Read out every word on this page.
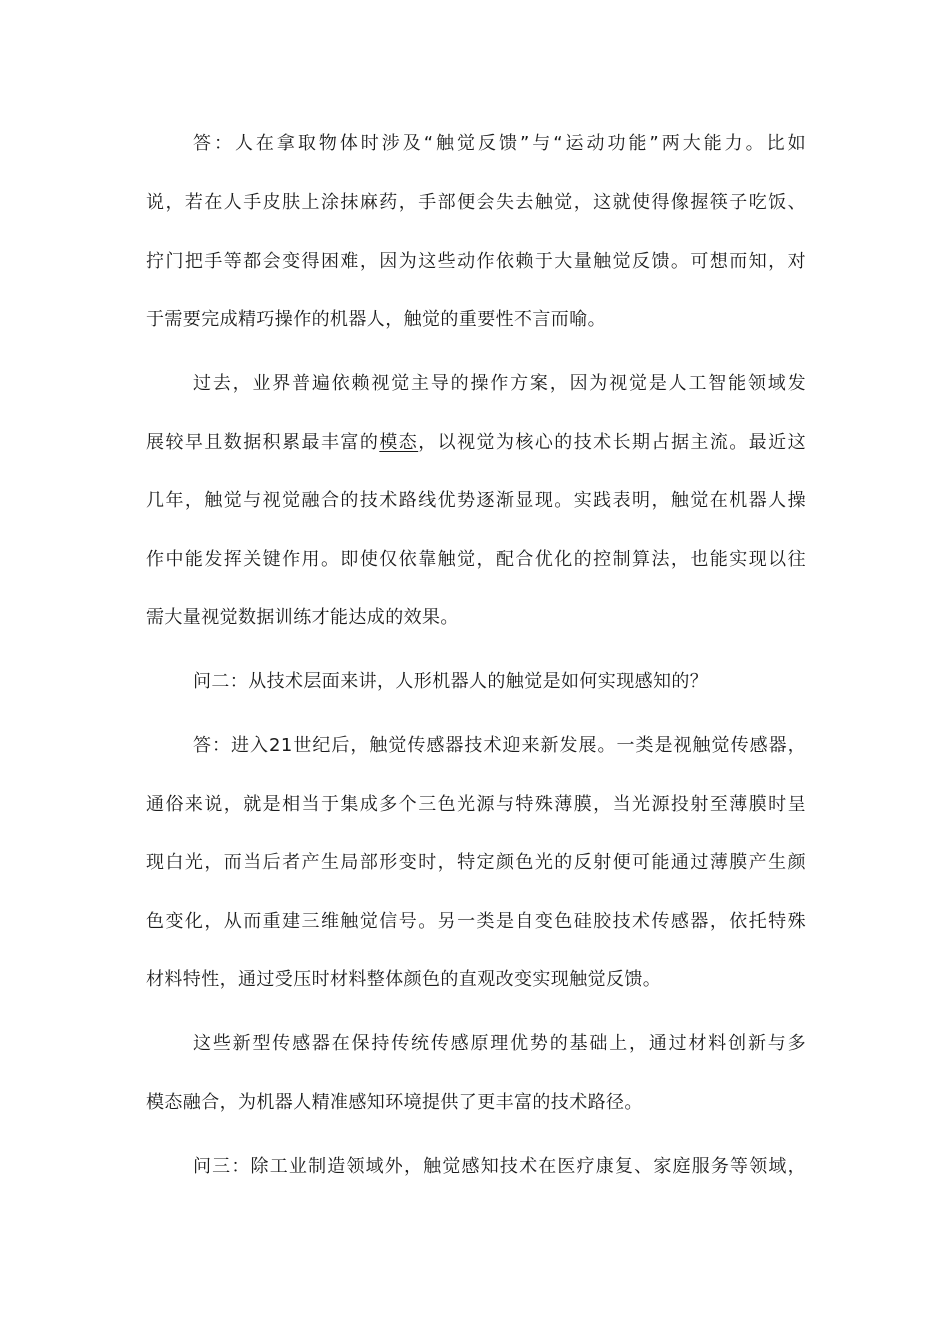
答：人在拿取物体时涉及“触觉反馈”与“运动功能”两大能力。比如
说，若在人手皮肤上涂抹麻药，手部便会失去触觉，这就使得像握筷子吃饭、
拧门把手等都会变得困难，因为这些动作依赖于大量触觉反馈。可想而知，对
于需要完成精巧操作的机器人，触觉的重要性不言而喻。
过去，业界普遍依赖视觉主导的操作方案，因为视觉是人工智能领域发
展较早且数据积累最丰富的模态，以视觉为核心的技术长期占据主流。最近这
几年，触觉与视觉融合的技术路线优势逐渐显现。实践表明，触觉在机器人操
作中能发挥关键作用。即使仅依靠触觉，配合优化的控制算法，也能实现以往
需大量视觉数据训练才能达成的效果。
问二：从技术层面来讲，人形机器人的触觉是如何实现感知的？
答：进入21世纪后，触觉传感器技术迎来新发展。一类是视触觉传感器，
通俗来说，就是相当于集成多个三色光源与特殊薄膜，当光源投射至薄膜时呈
现白光，而当后者产生局部形变时，特定颜色光的反射便可能通过薄膜产生颜
色变化，从而重建三维触觉信号。另一类是自变色硅胶技术传感器，依托特殊
材料特性，通过受压时材料整体颜色的直观改变实现触觉反馈。
这些新型传感器在保持传统传感原理优势的基础上，通过材料创新与多
模态融合，为机器人精准感知环境提供了更丰富的技术路径。
问三：除工业制造领域外，触觉感知技术在医疗康复、家庭服务等领域，
